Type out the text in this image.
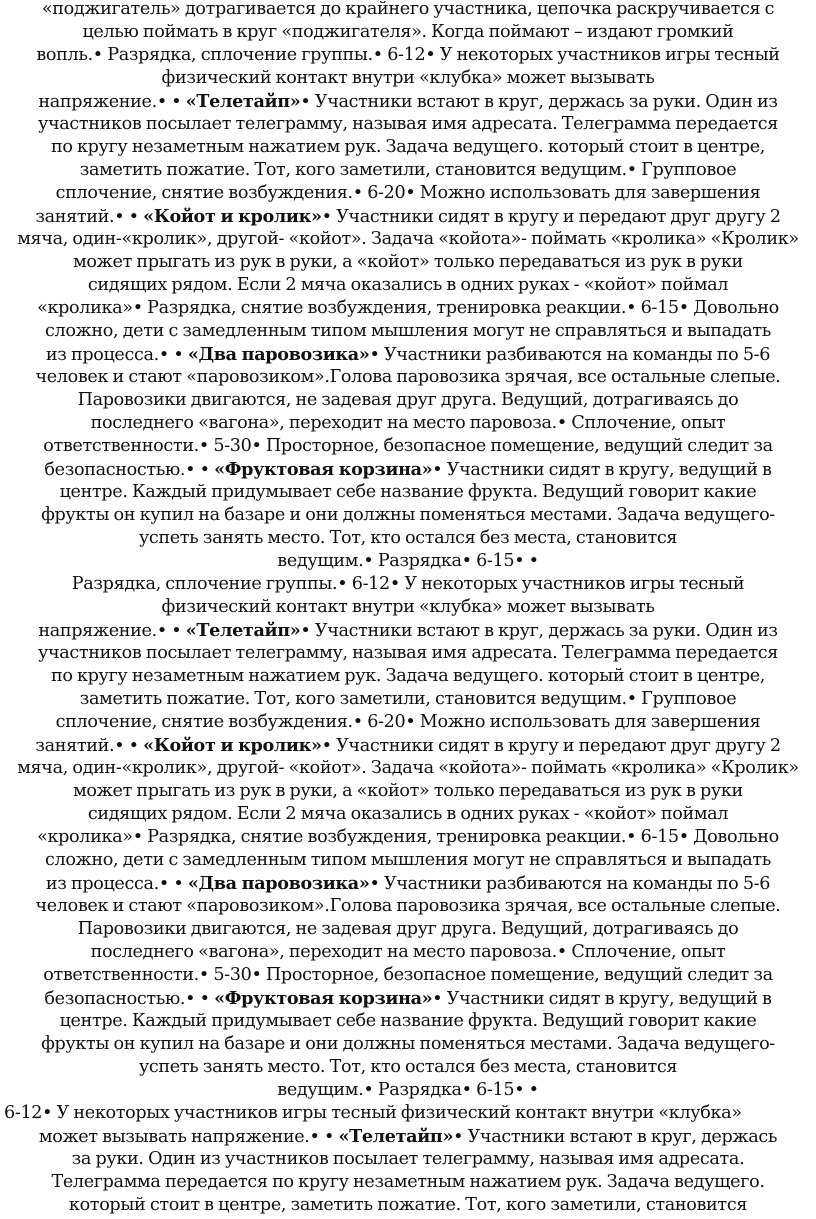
«поджигатель» дотрагивается до крайнего участника, цепочка раскручивается с
целью поймать в круг «поджигателя». Когда поймают – издают громкий
вопль.• Разрядка, сплочение группы.• 6-12• У некоторых участников игры тесный
физический контакт внутри «клубка» может вызывать
напряжение.• • «Телетайп»• Участники встают в круг, держась за руки. Один из
участников посылает телеграмму, называя имя адресата. Телеграмма передается
по кругу незаметным нажатием рук. Задача ведущего. который стоит в центре,
заметить пожатие. Тот, кого заметили, становится ведущим.• Групповое
сплочение, снятие возбуждения.• 6-20• Можно использовать для завершения
занятий.• • «Койот и кролик»• Участники сидят в кругу и передают друг другу 2
мяча, один-«кролик», другой- «койот». Задача «койота»- поймать «кролика» «Кролик»
может прыгать из рук в руки, а «койот» только передаваться из рук в руки
сидящих рядом. Если 2 мяча оказались в одних руках - «койот» поймал
«кролика»• Разрядка, снятие возбуждения, тренировка реакции.• 6-15• Довольно
сложно, дети с замедленным типом мышления могут не справляться и выпадать
из процесса.• • «Два паровозика»• Участники разбиваются на команды по 5-6
человек и стают «паровозиком».Голова паровозика зрячая, все остальные слепые.
Паровозики двигаются, не задевая друг друга. Ведущий, дотрагиваясь до
последнего «вагона», переходит на место паровоза.• Сплочение, опыт
ответственности.• 5-30• Просторное, безопасное помещение, ведущий следит за
безопасностью.• • «Фруктовая корзина»• Участники сидят в кругу, ведущий в
центре. Каждый придумывает себе название фрукта. Ведущий говорит какие
фрукты он купил на базаре и они должны поменяться местами. Задача ведущего-
успеть занять место. Тот, кто остался без места, становится
ведущим.• Разрядка• 6-15• •
Разрядка, сплочение группы.• 6-12• У некоторых участников игры тесный
физический контакт внутри «клубка» может вызывать
напряжение.• • «Телетайп»• Участники встают в круг, держась за руки. Один из
участников посылает телеграмму, называя имя адресата. Телеграмма передается
по кругу незаметным нажатием рук. Задача ведущего. который стоит в центре,
заметить пожатие. Тот, кого заметили, становится ведущим.• Групповое
сплочение, снятие возбуждения.• 6-20• Можно использовать для завершения
занятий.• • «Койот и кролик»• Участники сидят в кругу и передают друг другу 2
мяча, один-«кролик», другой- «койот». Задача «койота»- поймать «кролика» «Кролик»
может прыгать из рук в руки, а «койот» только передаваться из рук в руки
сидящих рядом. Если 2 мяча оказались в одних руках - «койот» поймал
«кролика»• Разрядка, снятие возбуждения, тренировка реакции.• 6-15• Довольно
сложно, дети с замедленным типом мышления могут не справляться и выпадать
из процесса.• • «Два паровозика»• Участники разбиваются на команды по 5-6
человек и стают «паровозиком».Голова паровозика зрячая, все остальные слепые.
Паровозики двигаются, не задевая друг друга. Ведущий, дотрагиваясь до
последнего «вагона», переходит на место паровоза.• Сплочение, опыт
ответственности.• 5-30• Просторное, безопасное помещение, ведущий следит за
безопасностью.• • «Фруктовая корзина»• Участники сидят в кругу, ведущий в
центре. Каждый придумывает себе название фрукта. Ведущий говорит какие
фрукты он купил на базаре и они должны поменяться местами. Задача ведущего-
успеть занять место. Тот, кто остался без места, становится
ведущим.• Разрядка• 6-15• •
6-12• У некоторых участников игры тесный физический контакт внутри «клубка»
может вызывать напряжение.• • «Телетайп»• Участники встают в круг, держась
за руки. Один из участников посылает телеграмму, называя имя адресата.
Телеграмма передается по кругу незаметным нажатием рук. Задача ведущего.
который стоит в центре, заметить пожатие. Тот, кого заметили, становится
